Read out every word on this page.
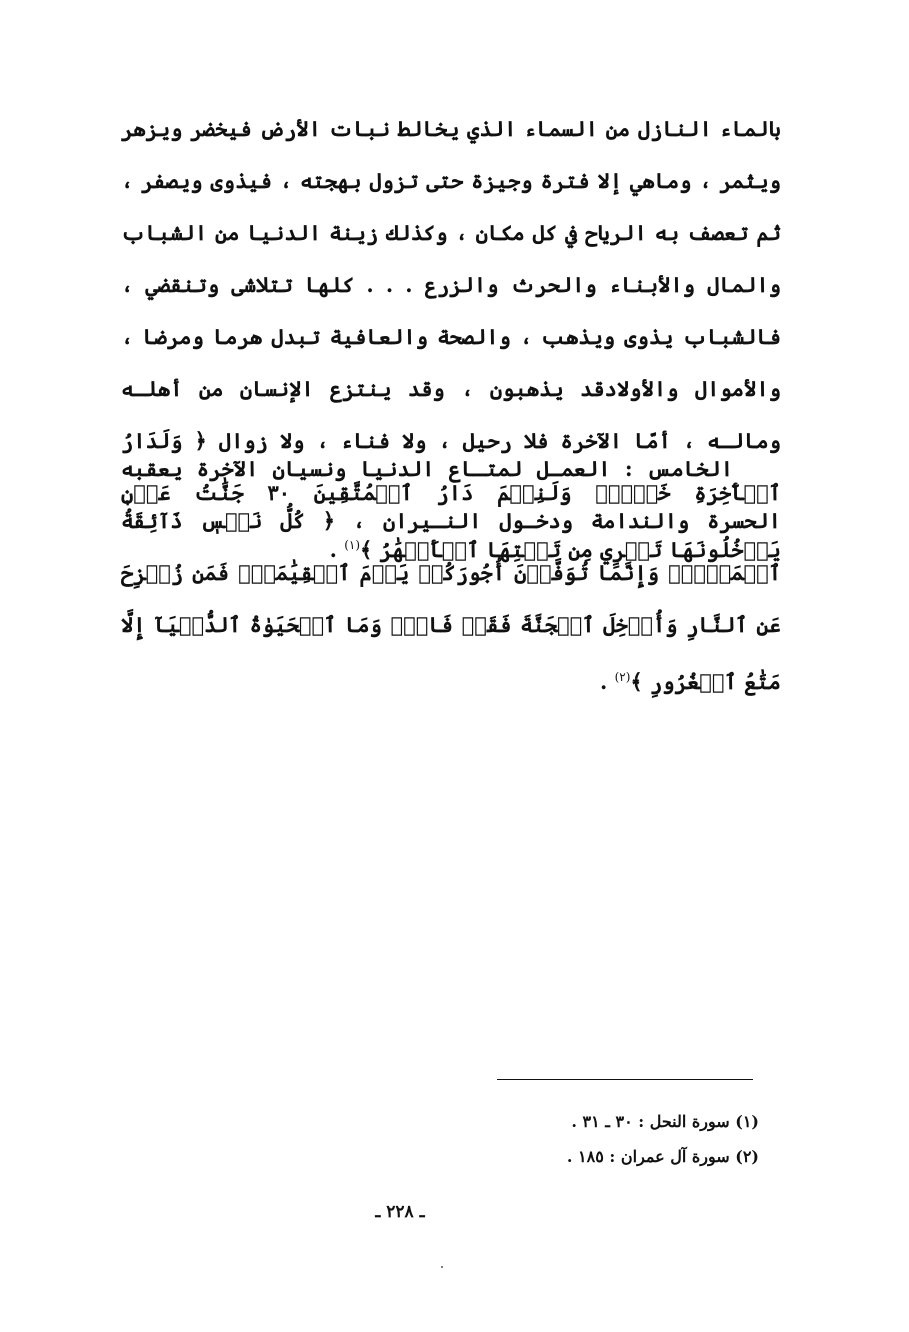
بالماء النازل من السماء الذي يخالط نبات الأرض فيخضر ويزهر ويثمر ، وماهي إلا فترة وجيزة حتى تزول بهجته ، فيذوى ويصفر ، ثم تعصف به الرياح في كل مكان ، وكذلك زينة الدنيا من الشباب والمال والأبناء والحرث والزرع . . . كلها تتلاشى وتنقضي ، فالشباب يذوى ويذهب ، والصحة والعافية تبدل هرما ومرضا ، والأموال والأولادقد يذهبون ، وقد ينتزع الإنسان من أهلـه ومالـه ، أمّا الآخرة فلا رحيل ، ولا فناء ، ولا زوال ﴿ وَلَدَارُ ٱلۡأٓخِرَةِ خَيۡرٞۚ وَلَنِعۡمَ دَارُ ٱلۡمُتَّقِينَ ٣٠ جَنَّٰتُ عَدۡنٖ يَدۡخُلُونَهَا تَجۡرِي مِن تَحۡتِهَا ٱلۡأَنۡهَٰرُ ﴾$^{(١)}$ .
الخامس : العمـل لمتـاع الدنيا ونسيان الآخرة يعقبه الحسرة والندامة ودخـول النـيران ، ﴿ كُلُّ نَفۡسٖ ذَآئِقَةُ ٱلۡمَوۡتِۗ وَإِنَّمَا تُوَفَّوۡنَ أُجُورَكُمۡ يَوۡمَ ٱلۡقِيَٰمَةِۖ فَمَن زُحۡزِحَ عَنِ ٱلنَّارِ وَأُدۡخِلَ ٱلۡجَنَّةَ فَقَدۡ فَازَۗ وَمَا ٱلۡحَيَوٰةُ ٱلدُّنۡيَآ إِلَّا مَتَٰعُ ٱلۡغُرُورِ ﴾$^{(٢)}$ .
(١) سورة النحل : ٣٠ ـ ٣١ .
(٢) سورة آل عمران : ١٨٥ .
ـ ٢٢٨ ـ
